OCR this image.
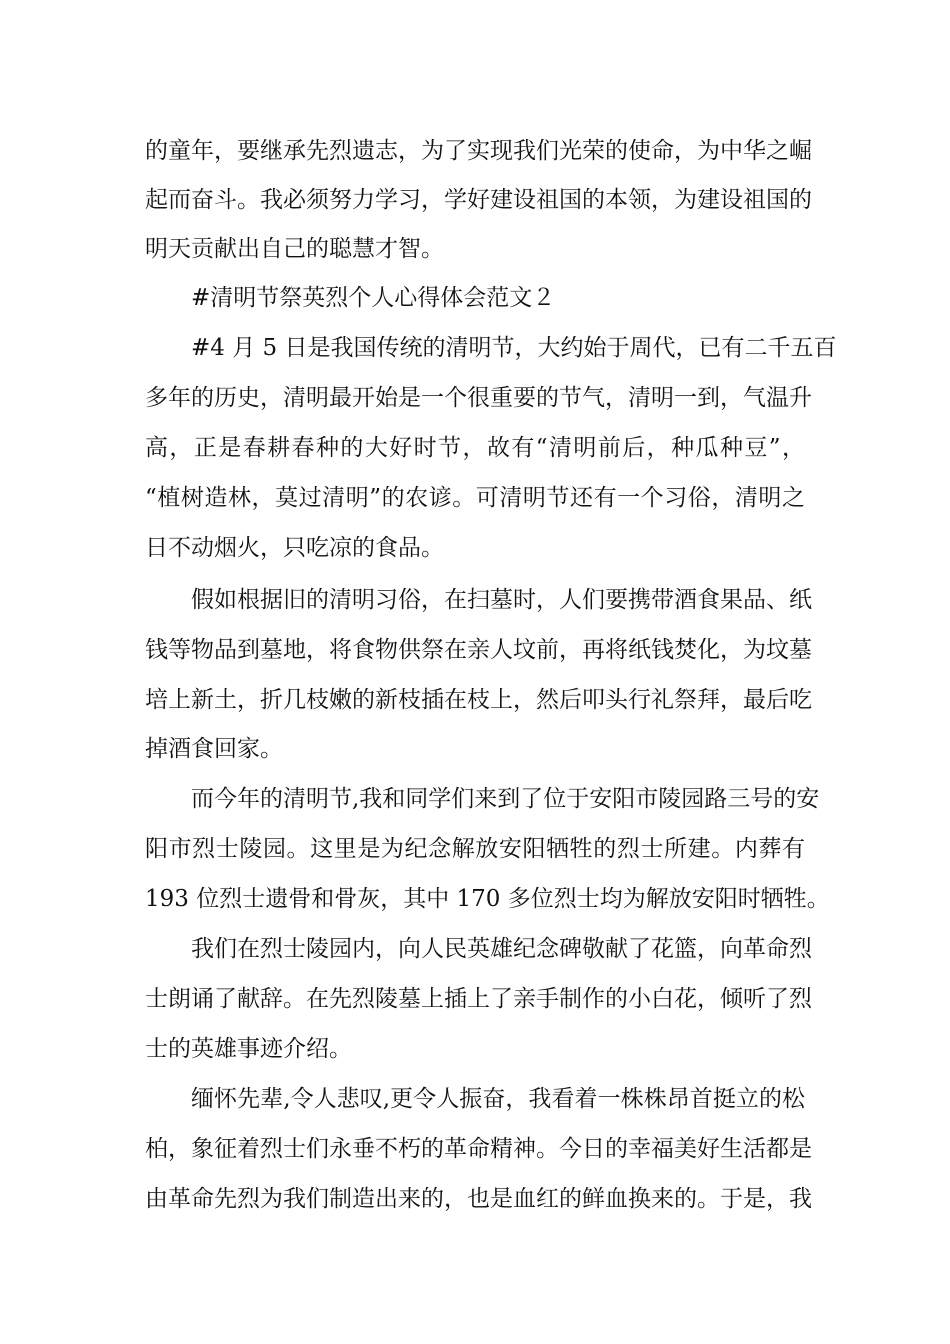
的童年，要继承先烈遗志，为了实现我们光荣的使命，为中华之崛

起而奋斗。我必须努力学习，学好建设祖国的本领，为建设祖国的

明天贡献出自己的聪慧才智。

#清明节祭英烈个人心得体会范文２

#4 月 5 日是我国传统的清明节，大约始于周代，已有二千五百

多年的历史，清明最开始是一个很重要的节气，清明一到，气温升

高，正是春耕春种的大好时节，故有“清明前后，种瓜种豆”，

“植树造林，莫过清明”的农谚。可清明节还有一个习俗，清明之

日不动烟火，只吃凉的食品。

假如根据旧的清明习俗，在扫墓时，人们要携带酒食果品、纸

钱等物品到墓地，将食物供祭在亲人坟前，再将纸钱焚化，为坟墓

培上新土，折几枝嫩的新枝插在枝上，然后叩头行礼祭拜，最后吃

掉酒食回家。

而今年的清明节,我和同学们来到了位于安阳市陵园路三号的安

阳市烈士陵园。这里是为纪念解放安阳牺牲的烈士所建。内葬有

193 位烈士遗骨和骨灰，其中 170 多位烈士均为解放安阳时牺牲。

我们在烈士陵园内，向人民英雄纪念碑敬献了花篮，向革命烈

士朗诵了献辞。在先烈陵墓上插上了亲手制作的小白花，倾听了烈

士的英雄事迹介绍。

缅怀先辈,令人悲叹,更令人振奋，我看着一株株昂首挺立的松

柏，象征着烈士们永垂不朽的革命精神。今日的幸福美好生活都是

由革命先烈为我们制造出来的，也是血红的鲜血换来的。于是，我
